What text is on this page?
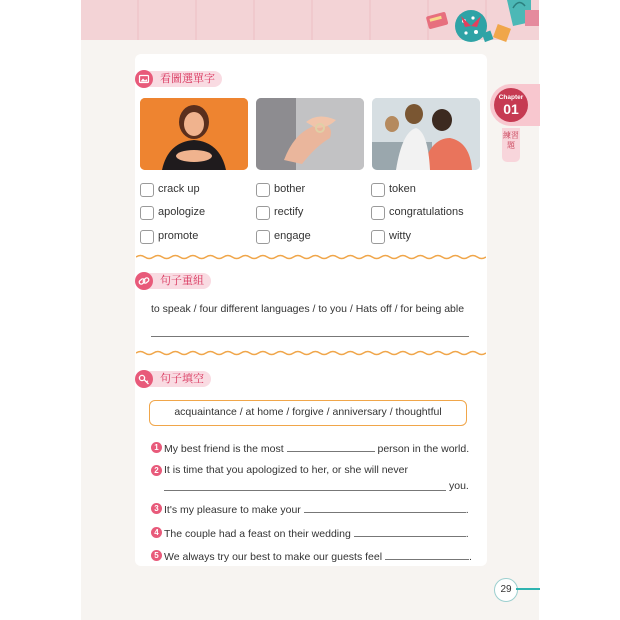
看圖選單字
crack up	bother	token
apologize	rectify	congratulations
promote	engage	witty
句子重組
to speak / four different languages / to you / Hats off / for being able
句子填空
acquaintance / at home / forgive / anniversary / thoughtful
1 My best friend is the most	person in the world.
2 It is time that you apologized to her, or she will never
you.
3 It's my pleasure to make your	.
4 The couple had a feast on their wedding	.
5 We always try our best to make our guests feel	.
Chapter
01
練習題
29
